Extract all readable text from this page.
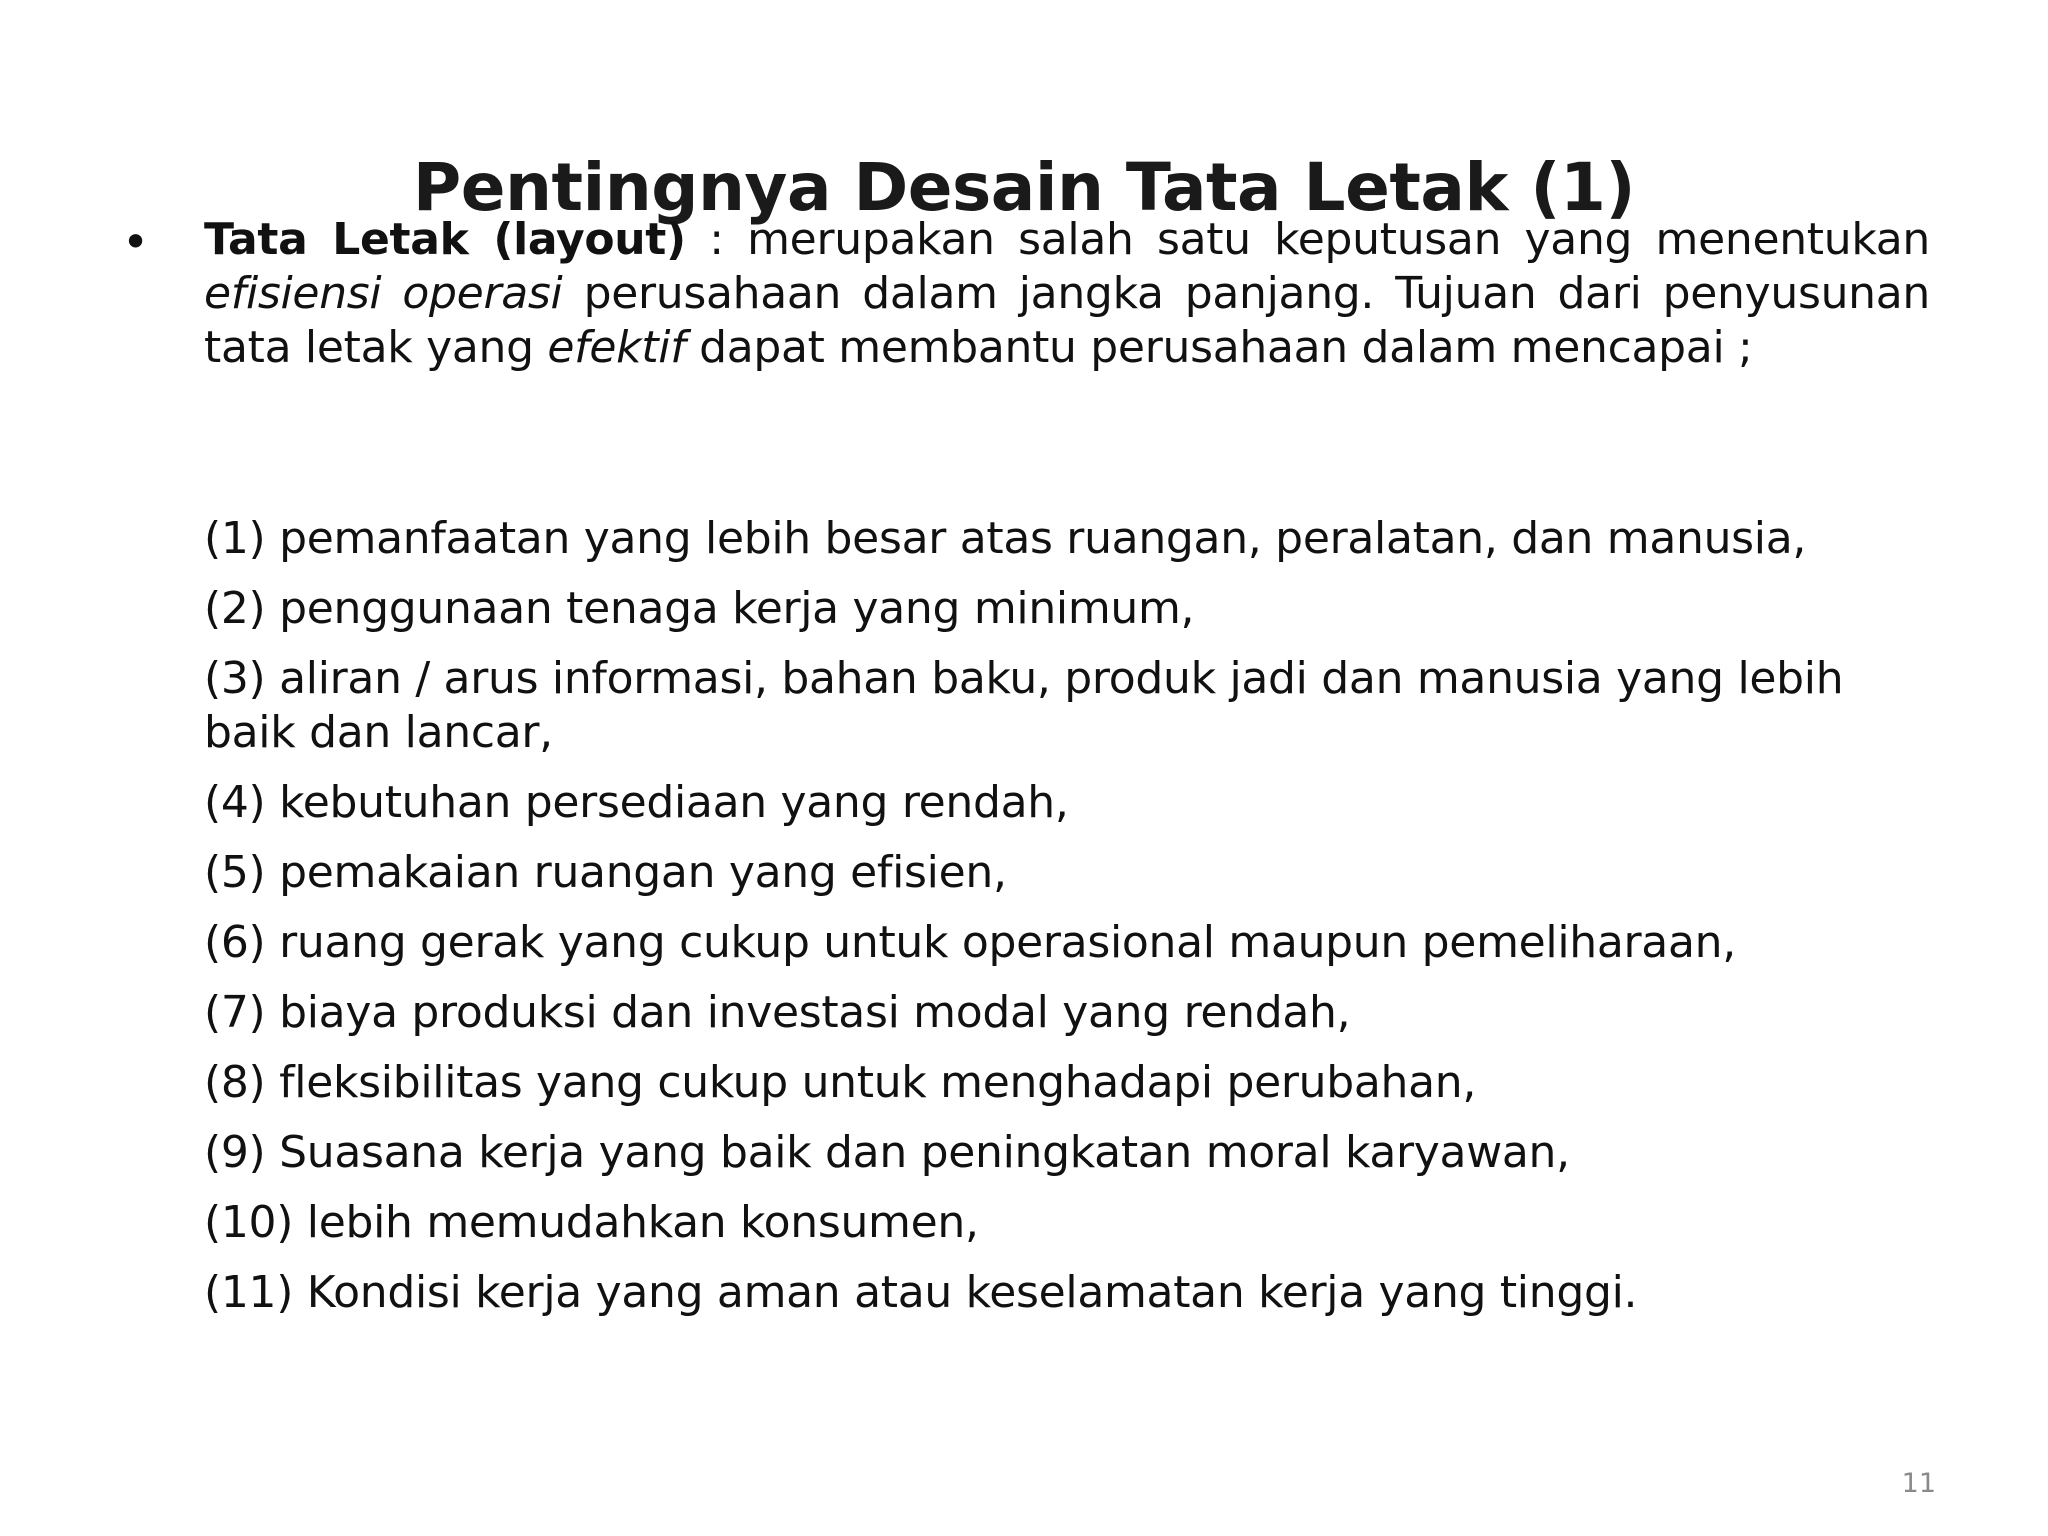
Pentingnya Desain Tata Letak (1)
• Tata Letak (layout) : merupakan salah satu keputusan yang menentukan efisiensi operasi perusahaan dalam jangka panjang. Tujuan dari penyusunan tata letak yang efektif dapat membantu perusahaan dalam mencapai ;
(1) pemanfaatan yang lebih besar atas ruangan, peralatan, dan manusia,
(2) penggunaan tenaga kerja yang minimum,
(3) aliran / arus informasi, bahan baku, produk jadi dan manusia yang lebih baik dan lancar,
(4) kebutuhan persediaan yang rendah,
(5) pemakaian ruangan yang efisien,
(6) ruang gerak yang cukup untuk operasional maupun pemeliharaan,
(7) biaya produksi dan investasi modal yang rendah,
(8) fleksibilitas yang cukup untuk menghadapi perubahan,
(9) Suasana kerja yang baik dan peningkatan moral karyawan,
(10) lebih memudahkan konsumen,
(11) Kondisi kerja yang aman atau keselamatan kerja yang tinggi.
11
